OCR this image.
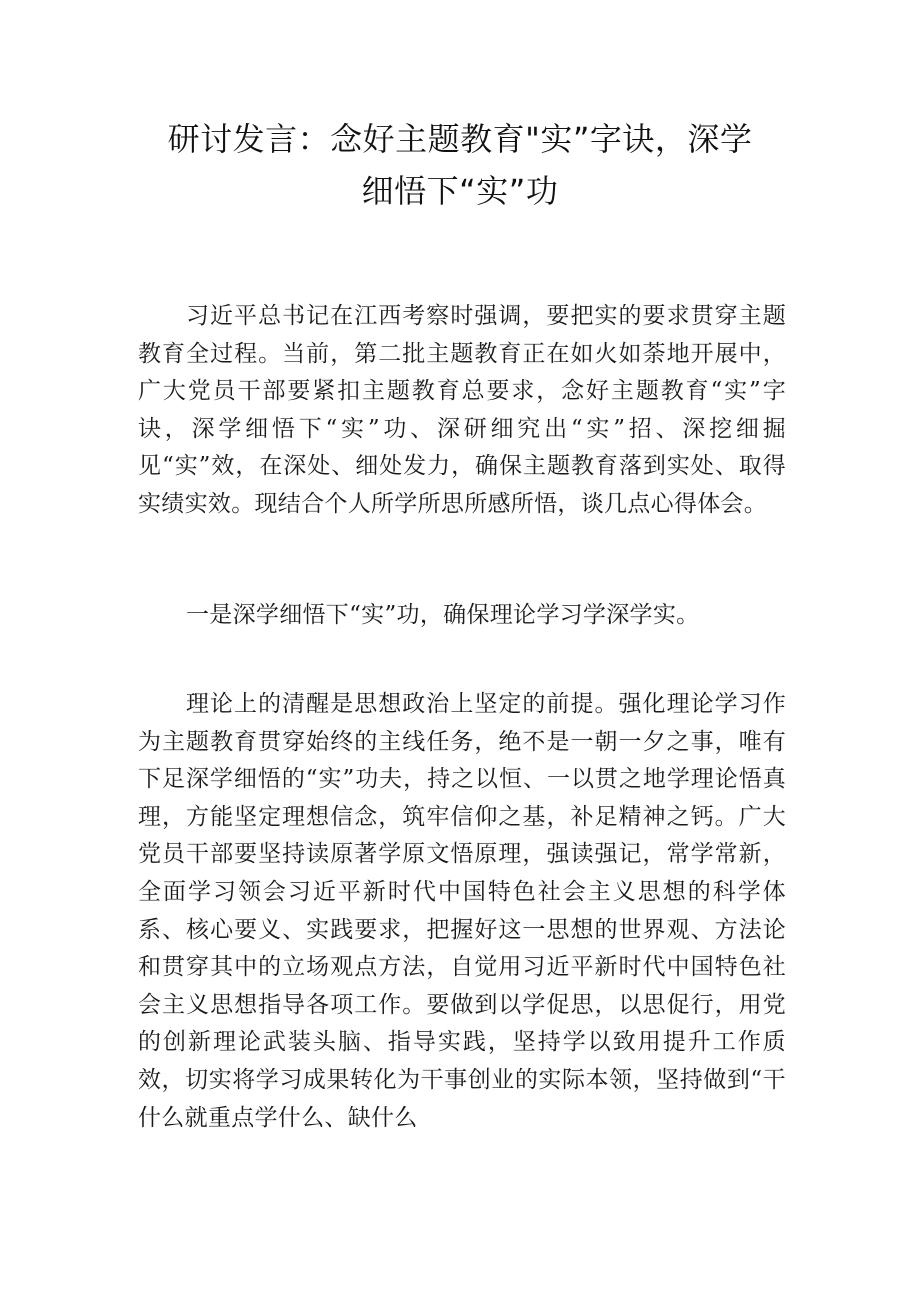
研讨发言：念好主题教育"实”字诀，深学
细悟下“实”功

习近平总书记在江西考察时强调，要把实的要求贯穿主题教育全过程。当前，第二批主题教育正在如火如荼地开展中，广大党员干部要紧扣主题教育总要求，念好主题教育“实”字诀，深学细悟下“实”功、深研细究出“实”招、深挖细掘见“实”效，在深处、细处发力，确保主题教育落到实处、取得实绩实效。现结合个人所学所思所感所悟，谈几点心得体会。

一是深学细悟下“实”功，确保理论学习学深学实。

理论上的清醒是思想政治上坚定的前提。强化理论学习作为主题教育贯穿始终的主线任务，绝不是一朝一夕之事，唯有下足深学细悟的“实”功夫，持之以恒、一以贯之地学理论悟真理，方能坚定理想信念，筑牢信仰之基，补足精神之钙。广大党员干部要坚持读原著学原文悟原理，强读强记，常学常新，全面学习领会习近平新时代中国特色社会主义思想的科学体系、核心要义、实践要求，把握好这一思想的世界观、方法论和贯穿其中的立场观点方法，自觉用习近平新时代中国特色社会主义思想指导各项工作。要做到以学促思，以思促行，用党的创新理论武装头脑、指导实践，坚持学以致用提升工作质效，切实将学习成果转化为干事创业的实际本领，坚持做到“干什么就重点学什么、缺什么
